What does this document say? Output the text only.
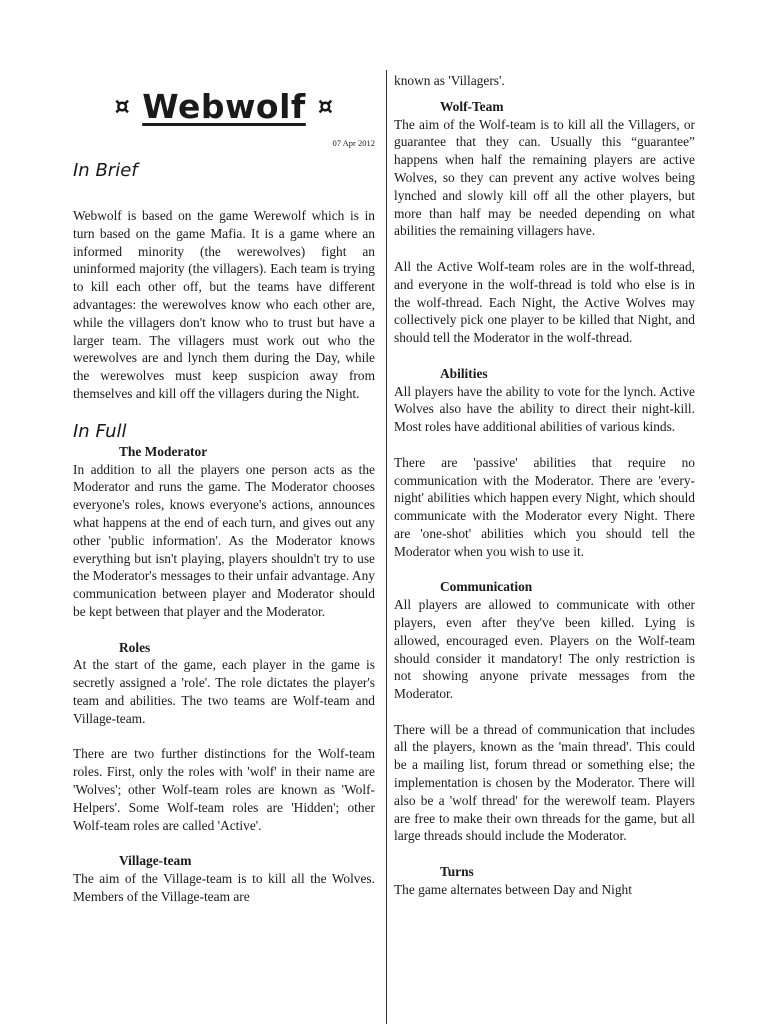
¤ Webwolf ¤
07 Apr 2012
In Brief

Webwolf is based on the game Werewolf which is in turn based on the game Mafia. It is a game where an informed minority (the werewolves) fight an uninformed majority (the villagers). Each team is trying to kill each other off, but the teams have different advantages: the werewolves know who each other are, while the villagers don't know who to trust but have a larger team. The villagers must work out who the werewolves are and lynch them during the Day, while the werewolves must keep suspicion away from themselves and kill off the villagers during the Night.

In Full
The Moderator

In addition to all the players one person acts as the Moderator and runs the game. The Moderator chooses everyone's roles, knows everyone's actions, announces what happens at the end of each turn, and gives out any other 'public information'. As the Moderator knows everything but isn't playing, players shouldn't try to use the Moderator's messages to their unfair advantage. Any communication between player and Moderator should be kept between that player and the Moderator.

Roles

At the start of the game, each player in the game is secretly assigned a 'role'. The role dictates the player's team and abilities. The two teams are Wolf-team and Village-team.

There are two further distinctions for the Wolf-team roles. First, only the roles with 'wolf' in their name are 'Wolves'; other Wolf-team roles are known as 'Wolf-Helpers'. Some Wolf-team roles are 'Hidden'; other Wolf-team roles are called 'Active'.

Village-team

The aim of the Village-team is to kill all the Wolves. Members of the Village-team are

known as 'Villagers'.

Wolf-Team

The aim of the Wolf-team is to kill all the Villagers, or guarantee that they can. Usually this “guarantee” happens when half the remaining players are active Wolves, so they can prevent any active wolves being lynched and slowly kill off all the other players, but more than half may be needed depending on what abilities the remaining villagers have.

All the Active Wolf-team roles are in the wolf-thread, and everyone in the wolf-thread is told who else is in the wolf-thread. Each Night, the Active Wolves may collectively pick one player to be killed that Night, and should tell the Moderator in the wolf-thread.

Abilities

All players have the ability to vote for the lynch. Active Wolves also have the ability to direct their night-kill. Most roles have additional abilities of various kinds.

There are 'passive' abilities that require no communication with the Moderator. There are 'every-night' abilities which happen every Night, which should communicate with the Moderator every Night. There are 'one-shot' abilities which you should tell the Moderator when you wish to use it.

Communication

All players are allowed to communicate with other players, even after they've been killed. Lying is allowed, encouraged even. Players on the Wolf-team should consider it mandatory! The only restriction is not showing anyone private messages from the Moderator.

There will be a thread of communication that includes all the players, known as the 'main thread'. This could be a mailing list, forum thread or something else; the implementation is chosen by the Moderator. There will also be a 'wolf thread' for the werewolf team. Players are free to make their own threads for the game, but all large threads should include the Moderator.

Turns

The game alternates between Day and Night
